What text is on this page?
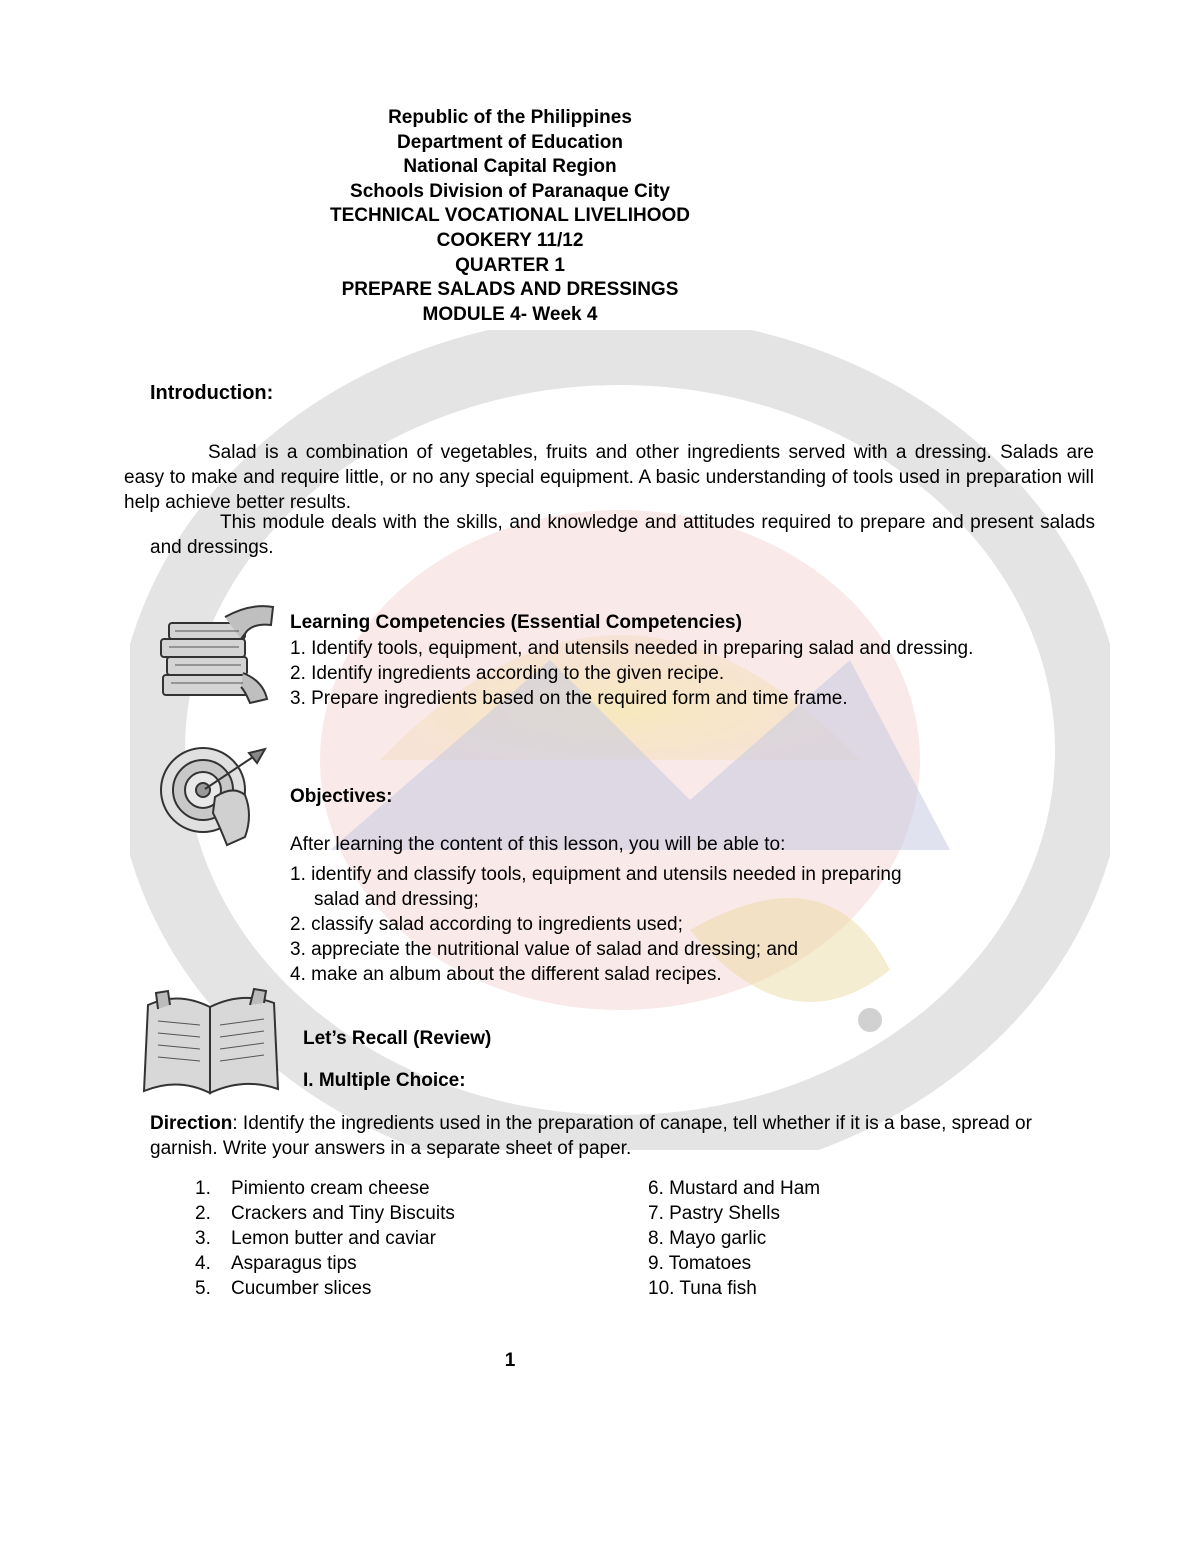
Republic of the Philippines
Department of Education
National Capital Region
Schools Division of Paranaque City
TECHNICAL VOCATIONAL LIVELIHOOD
COOKERY 11/12
QUARTER 1
PREPARE SALADS AND DRESSINGS
MODULE 4- Week 4
Introduction:
Salad is a combination of vegetables, fruits and other ingredients served with a dressing. Salads are easy to make and require little, or no any special equipment. A basic understanding of tools used in preparation will help achieve better results.
This module deals with the skills, and knowledge and attitudes required to prepare and present salads and dressings.
Learning Competencies (Essential Competencies)
1. Identify tools, equipment, and utensils needed in preparing salad and dressing.
2. Identify ingredients according to the given recipe.
3. Prepare ingredients based on the required form and time frame.
Objectives:
After learning the content of this lesson, you will be able to:
1. identify and classify tools, equipment and utensils needed in preparing salad and dressing;
2. classify salad according to ingredients used;
3. appreciate the nutritional value of salad and dressing; and
4. make an album about the different salad recipes.
Let’s Recall (Review)
I. Multiple Choice:
Direction: Identify the ingredients used in the preparation of canape, tell whether if it is a base, spread or garnish. Write your answers in a separate sheet of paper.
1.	Pimiento cream cheese
2.	Crackers and Tiny Biscuits
3.	Lemon butter and caviar
4.	Asparagus tips
5.	Cucumber slices
6. Mustard and Ham
7. Pastry Shells
8. Mayo garlic
9. Tomatoes
10. Tuna fish
1
